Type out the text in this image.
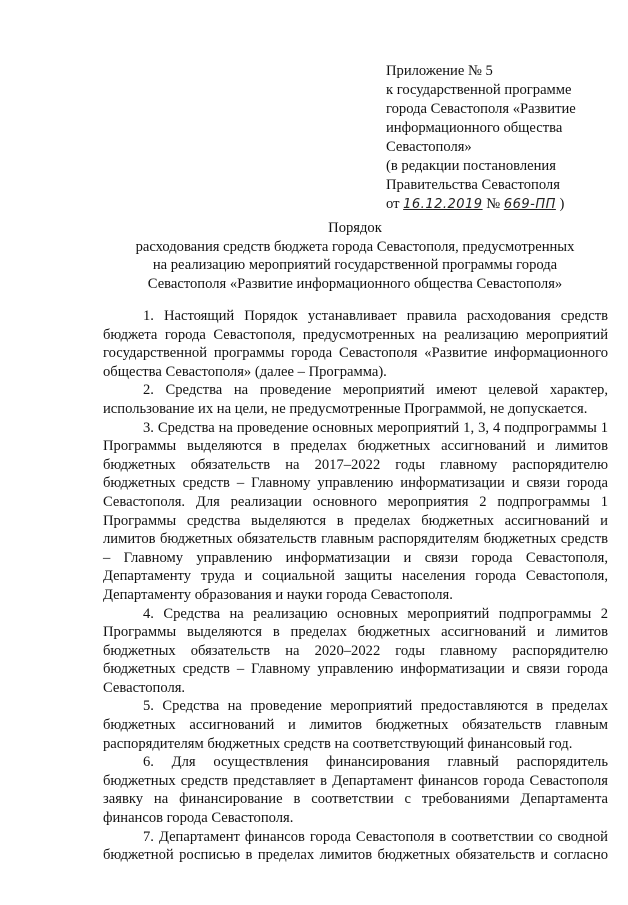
Приложение № 5
к государственной программе
города Севастополя «Развитие
информационного общества
Севастополя»
(в редакции постановления
Правительства Севастополя
от 16.12.2019 № 669-ПП )
Порядок
расходования средств бюджета города Севастополя, предусмотренных
на реализацию мероприятий государственной программы города
Севастополя «Развитие информационного общества Севастополя»

1. Настоящий Порядок устанавливает правила расходования средств бюджета города Севастополя, предусмотренных на реализацию мероприятий государственной программы города Севастополя «Развитие информационного общества Севастополя» (далее – Программа).

2. Средства на проведение мероприятий имеют целевой характер, использование их на цели, не предусмотренные Программой, не допускается.

3. Средства на проведение основных мероприятий 1, 3, 4 подпрограммы 1 Программы выделяются в пределах бюджетных ассигнований и лимитов бюджетных обязательств на 2017–2022 годы главному распорядителю бюджетных средств – Главному управлению информатизации и связи города Севастополя. Для реализации основного мероприятия 2 подпрограммы 1 Программы средства выделяются в пределах бюджетных ассигнований и лимитов бюджетных обязательств главным распорядителям бюджетных средств – Главному управлению информатизации и связи города Севастополя, Департаменту труда и социальной защиты населения города Севастополя, Департаменту образования и науки города Севастополя.

4. Средства на реализацию основных мероприятий подпрограммы 2 Программы выделяются в пределах бюджетных ассигнований и лимитов бюджетных обязательств на 2020–2022 годы главному распорядителю бюджетных средств – Главному управлению информатизации и связи города Севастополя.

5. Средства на проведение мероприятий предоставляются в пределах бюджетных ассигнований и лимитов бюджетных обязательств главным распорядителям бюджетных средств на соответствующий финансовый год.

6. Для осуществления финансирования главный распорядитель бюджетных средств представляет в Департамент финансов города Севастополя заявку на финансирование в соответствии с требованиями Департамента финансов города Севастополя.

7. Департамент финансов города Севастополя в соответствии со сводной бюджетной росписью в пределах лимитов бюджетных обязательств и согласно
